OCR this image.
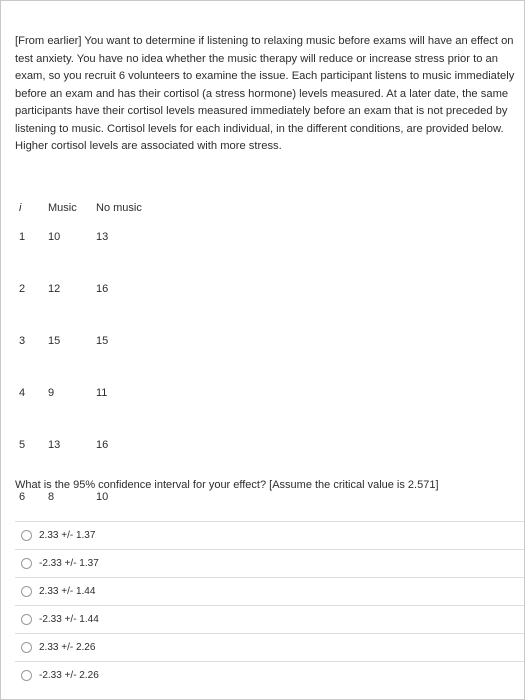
[From earlier] You want to determine if listening to relaxing music before exams will have an effect on test anxiety. You have no idea whether the music therapy will reduce or increase stress prior to an exam, so you recruit 6 volunteers to examine the issue. Each participant listens to music immediately before an exam and has their cortisol (a stress hormone) levels measured. At a later date, the same participants have their cortisol levels measured immediately before an exam that is not preceded by listening to music. Cortisol levels for each individual, in the different conditions, are provided below. Higher cortisol levels are associated with more stress.
i	Music	No music
1	10	13
2	12	16
3	15	15
4	9	11
5	13	16
6	8	10
What is the 95% confidence interval for your effect? [Assume the critical value is 2.571]
2.33 +/- 1.37
-2.33 +/- 1.37
2.33 +/- 1.44
-2.33 +/- 1.44
2.33 +/- 2.26
-2.33 +/- 2.26
